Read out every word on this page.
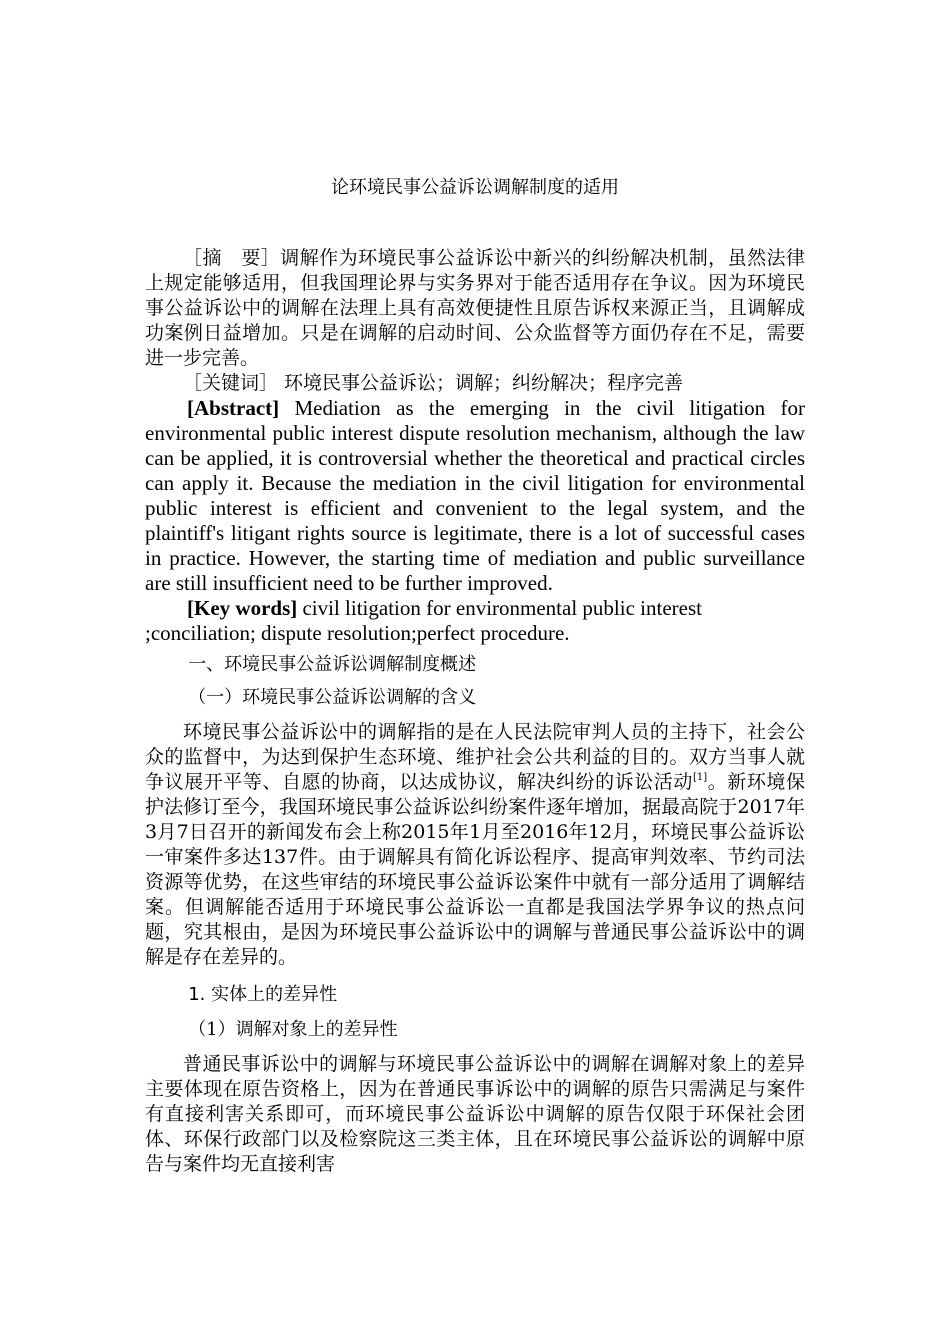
论环境民事公益诉讼调解制度的适用

［摘　要］调解作为环境民事公益诉讼中新兴的纠纷解决机制，虽然法律上规定能够适用，但我国理论界与实务界对于能否适用存在争议。因为环境民事公益诉讼中的调解在法理上具有高效便捷性且原告诉权来源正当，且调解成功案例日益增加。只是在调解的启动时间、公众监督等方面仍存在不足，需要进一步完善。

［关键词］ 环境民事公益诉讼；调解；纠纷解决；程序完善

[Abstract] Mediation as the emerging in the civil litigation for environmental public interest dispute resolution mechanism, although the law can be applied, it is controversial whether the theoretical and practical circles can apply it. Because the mediation in the civil litigation for environmental public interest is efficient and convenient to the legal system, and the plaintiff's litigant rights source is legitimate, there is a lot of successful cases in practice. However, the starting time of mediation and public surveillance are still insufficient need to be further improved.

[Key words] civil litigation for environmental public interest ;conciliation; dispute resolution;perfect procedure.

一、环境民事公益诉讼调解制度概述

（一）环境民事公益诉讼调解的含义

环境民事公益诉讼中的调解指的是在人民法院审判人员的主持下，社会公众的监督中，为达到保护生态环境、维护社会公共利益的目的。双方当事人就争议展开平等、自愿的协商，以达成协议，解决纠纷的诉讼活动[1]。新环境保护法修订至今，我国环境民事公益诉讼纠纷案件逐年增加，据最高院于2017年3月7日召开的新闻发布会上称2015年1月至2016年12月，环境民事公益诉讼一审案件多达137件。由于调解具有简化诉讼程序、提高审判效率、节约司法资源等优势，在这些审结的环境民事公益诉讼案件中就有一部分适用了调解结案。但调解能否适用于环境民事公益诉讼一直都是我国法学界争议的热点问题，究其根由，是因为环境民事公益诉讼中的调解与普通民事公益诉讼中的调解是存在差异的。

1. 实体上的差异性

（1）调解对象上的差异性

普通民事诉讼中的调解与环境民事公益诉讼中的调解在调解对象上的差异主要体现在原告资格上，因为在普通民事诉讼中的调解的原告只需满足与案件有直接利害关系即可，而环境民事公益诉讼中调解的原告仅限于环保社会团体、环保行政部门以及检察院这三类主体，且在环境民事公益诉讼的调解中原告与案件均无直接利害
